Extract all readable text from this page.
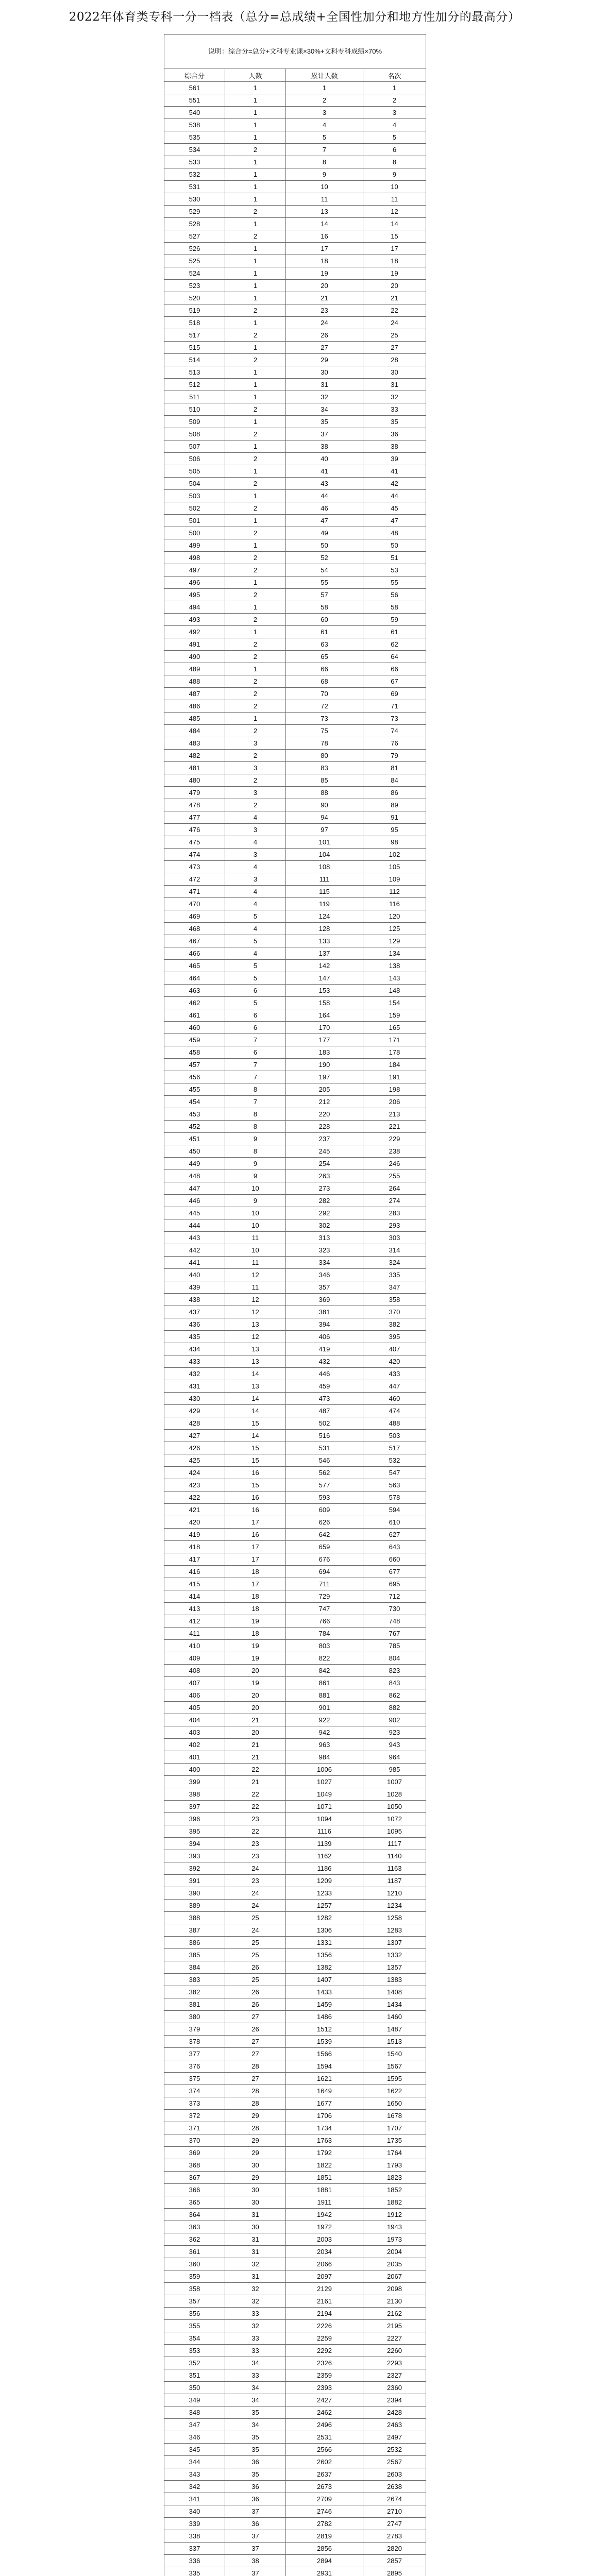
2022年体育类专科一分一档表（总分=总成绩+全国性加分和地方性加分的最高分）
说明：综合分=总分+文科专业课×30%+文科专科成绩×70%			
综合分	人数	累计人数	名次
561	1	1	1
551	1	2	2
540	1	3	3
538	1	4	4
535	1	5	5
534	2	7	6
533	1	8	8
532	1	9	9
531	1	10	10
530	1	11	11
529	2	13	12
528	1	14	14
527	2	16	15
526	1	17	17
525	1	18	18
524	1	19	19
523	1	20	20
520	1	21	21
519	2	23	22
518	1	24	24
517	2	26	25
515	1	27	27
514	2	29	28
513	1	30	30
512	1	31	31
511	1	32	32
510	2	34	33
509	1	35	35
508	2	37	36
507	1	38	38
506	2	40	39
505	1	41	41
504	2	43	42
503	1	44	44
502	2	46	45
501	1	47	47
500	2	49	48
499	1	50	50
498	2	52	51
497	2	54	53
496	1	55	55
495	2	57	56
494	1	58	58
493	2	60	59
492	1	61	61
491	2	63	62
490	2	65	64
489	1	66	66
488	2	68	67
487	2	70	69
486	2	72	71
485	1	73	73
484	2	75	74
483	3	78	76
482	2	80	79
481	3	83	81
480	2	85	84
479	3	88	86
478	2	90	89
477	4	94	91
476	3	97	95
475	4	101	98
474	3	104	102
473	4	108	105
472	3	111	109
471	4	115	112
470	4	119	116
469	5	124	120
468	4	128	125
467	5	133	129
466	4	137	134
465	5	142	138
464	5	147	143
463	6	153	148
462	5	158	154
461	6	164	159
460	6	170	165
459	7	177	171
458	6	183	178
457	7	190	184
456	7	197	191
455	8	205	198
454	7	212	206
453	8	220	213
452	8	228	221
451	9	237	229
450	8	245	238
449	9	254	246
448	9	263	255
447	10	273	264
446	9	282	274
445	10	292	283
444	10	302	293
443	11	313	303
442	10	323	314
441	11	334	324
440	12	346	335
439	11	357	347
438	12	369	358
437	12	381	370
436	13	394	382
435	12	406	395
434	13	419	407
433	13	432	420
432	14	446	433
431	13	459	447
430	14	473	460
429	14	487	474
428	15	502	488
427	14	516	503
426	15	531	517
425	15	546	532
424	16	562	547
423	15	577	563
422	16	593	578
421	16	609	594
420	17	626	610
419	16	642	627
418	17	659	643
417	17	676	660
416	18	694	677
415	17	711	695
414	18	729	712
413	18	747	730
412	19	766	748
411	18	784	767
410	19	803	785
409	19	822	804
408	20	842	823
407	19	861	843
406	20	881	862
405	20	901	882
404	21	922	902
403	20	942	923
402	21	963	943
401	21	984	964
400	22	1006	985
399	21	1027	1007
398	22	1049	1028
397	22	1071	1050
396	23	1094	1072
395	22	1116	1095
394	23	1139	1117
393	23	1162	1140
392	24	1186	1163
391	23	1209	1187
390	24	1233	1210
389	24	1257	1234
388	25	1282	1258
387	24	1306	1283
386	25	1331	1307
385	25	1356	1332
384	26	1382	1357
383	25	1407	1383
382	26	1433	1408
381	26	1459	1434
380	27	1486	1460
379	26	1512	1487
378	27	1539	1513
377	27	1566	1540
376	28	1594	1567
375	27	1621	1595
374	28	1649	1622
373	28	1677	1650
372	29	1706	1678
371	28	1734	1707
370	29	1763	1735
369	29	1792	1764
368	30	1822	1793
367	29	1851	1823
366	30	1881	1852
365	30	1911	1882
364	31	1942	1912
363	30	1972	1943
362	31	2003	1973
361	31	2034	2004
360	32	2066	2035
359	31	2097	2067
358	32	2129	2098
357	32	2161	2130
356	33	2194	2162
355	32	2226	2195
354	33	2259	2227
353	33	2292	2260
352	34	2326	2293
351	33	2359	2327
350	34	2393	2360
349	34	2427	2394
348	35	2462	2428
347	34	2496	2463
346	35	2531	2497
345	35	2566	2532
344	36	2602	2567
343	35	2637	2603
342	36	2673	2638
341	36	2709	2674
340	37	2746	2710
339	36	2782	2747
338	37	2819	2783
337	37	2856	2820
336	38	2894	2857
335	37	2931	2895
